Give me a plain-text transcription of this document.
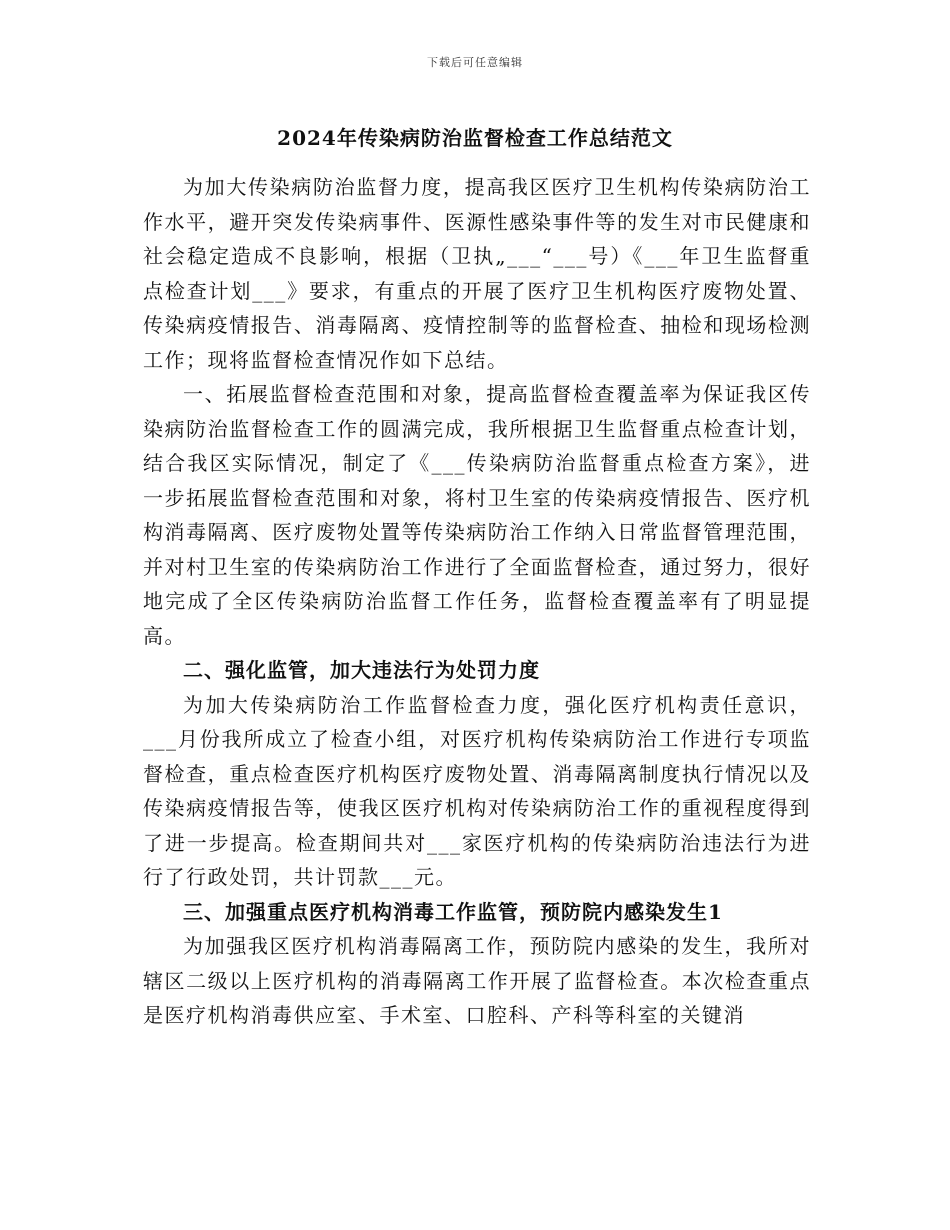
下载后可任意编辑
2024年传染病防治监督检查工作总结范文

为加大传染病防治监督力度，提高我区医疗卫生机构传染病防治工作水平，避开突发传染病事件、医源性感染事件等的发生对市民健康和社会稳定造成不良影响，根据（卫执„___“___号）《___年卫生监督重点检查计划___》要求，有重点的开展了医疗卫生机构医疗废物处置、传染病疫情报告、消毒隔离、疫情控制等的监督检查、抽检和现场检测工作；现将监督检查情况作如下总结。

一、拓展监督检查范围和对象，提高监督检查覆盖率为保证我区传染病防治监督检查工作的圆满完成，我所根据卫生监督重点检查计划，结合我区实际情况，制定了《___传染病防治监督重点检查方案》，进一步拓展监督检查范围和对象，将村卫生室的传染病疫情报告、医疗机构消毒隔离、医疗废物处置等传染病防治工作纳入日常监督管理范围，并对村卫生室的传染病防治工作进行了全面监督检查，通过努力，很好地完成了全区传染病防治监督工作任务，监督检查覆盖率有了明显提高。

二、强化监管，加大违法行为处罚力度

为加大传染病防治工作监督检查力度，强化医疗机构责任意识，___月份我所成立了检查小组，对医疗机构传染病防治工作进行专项监督检查，重点检查医疗机构医疗废物处置、消毒隔离制度执行情况以及传染病疫情报告等，使我区医疗机构对传染病防治工作的重视程度得到了进一步提高。检查期间共对___家医疗机构的传染病防治违法行为进行了行政处罚，共计罚款___元。

三、加强重点医疗机构消毒工作监管，预防院内感染发生1

为加强我区医疗机构消毒隔离工作，预防院内感染的发生，我所对辖区二级以上医疗机构的消毒隔离工作开展了监督检查。本次检查重点是医疗机构消毒供应室、手术室、口腔科、产科等科室的关键消
